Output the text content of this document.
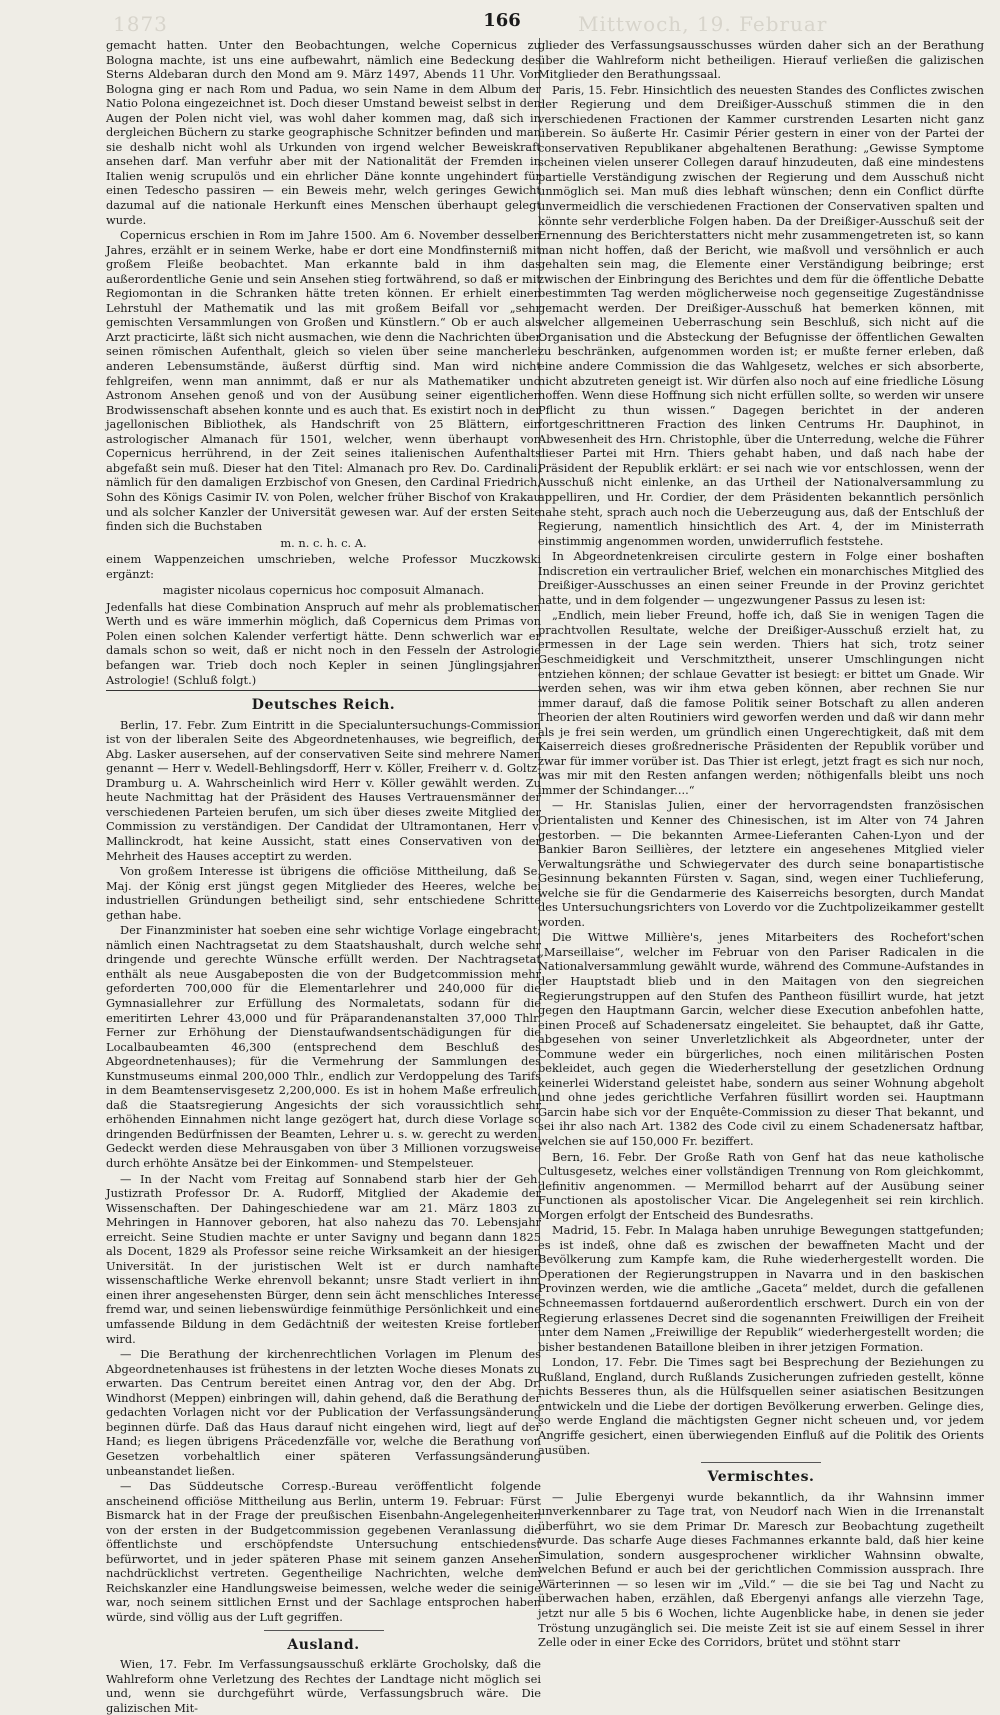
1873	166	Mittwoch, 19. Februar

gemacht hatten. Unter den Beobachtungen, welche Copernicus zu Bologna machte, ist uns eine aufbewahrt, nämlich eine Bedeckung des Sterns Aldebaran durch den Mond am 9. März 1497, Abends 11 Uhr. Von Bologna ging er nach Rom und Padua, wo sein Name in dem Album der Natio Polona eingezeichnet ist. Doch dieser Umstand beweist selbst in den Augen der Polen nicht viel, was wohl daher kommen mag, daß sich in dergleichen Büchern zu starke geographische Schnitzer befinden und man sie deshalb nicht wohl als Urkunden von irgend welcher Beweiskraft ansehen darf. Man verfuhr aber mit der Nationalität der Fremden in Italien wenig scrupulös und ein ehrlicher Däne konnte ungehindert für einen Tedescho passiren — ein Beweis mehr, welch geringes Gewicht dazumal auf die nationale Herkunft eines Menschen überhaupt gelegt wurde.

Copernicus erschien in Rom im Jahre 1500. Am 6. November desselben Jahres, erzählt er in seinem Werke, habe er dort eine Mondfinsterniß mit großem Fleiße beobachtet. Man erkannte bald in ihm das außerordentliche Genie und sein Ansehen stieg fortwährend, so daß er mit Regiomontan in die Schranken hätte treten können. Er erhielt einen Lehrstuhl der Mathematik und las mit großem Beifall vor „sehr gemischten Versammlungen von Großen und Künstlern.“ Ob er auch als Arzt practicirte, läßt sich nicht ausmachen, wie denn die Nachrichten über seinen römischen Aufenthalt, gleich so vielen über seine mancherlei anderen Lebensumstände, äußerst dürftig sind. Man wird nicht fehlgreifen, wenn man annimmt, daß er nur als Mathematiker und Astronom Ansehen genoß und von der Ausübung seiner eigentlichen Brodwissenschaft absehen konnte und es auch that. Es existirt noch in der jagellonischen Bibliothek, als Handschrift von 25 Blättern, ein astrologischer Almanach für 1501, welcher, wenn überhaupt von Copernicus herrührend, in der Zeit seines italienischen Aufenthalts abgefaßt sein muß. Dieser hat den Titel: Almanach pro Rev. Do. Cardinali, nämlich für den damaligen Erzbischof von Gnesen, den Cardinal Friedrich, Sohn des Königs Casimir IV. von Polen, welcher früher Bischof von Krakau und als solcher Kanzler der Universität gewesen war. Auf der ersten Seite finden sich die Buchstaben

m. n. c. h. c. A.

einem Wappenzeichen umschrieben, welche Professor Muczkowski ergänzt:

magister nicolaus copernicus hoc composuit Almanach.

Jedenfalls hat diese Combination Anspruch auf mehr als problematischen Werth und es wäre immerhin möglich, daß Copernicus dem Primas von Polen einen solchen Kalender verfertigt hätte. Denn schwerlich war er damals schon so weit, daß er nicht noch in den Fesseln der Astrologie befangen war. Trieb doch noch Kepler in seinen Jünglingsjahren Astrologie! (Schluß folgt.)

Deutsches Reich.

Berlin, 17. Febr. Zum Eintritt in die Specialuntersuchungs-Commission ist von der liberalen Seite des Abgeordnetenhauses, wie begreiflich, der Abg. Lasker ausersehen, auf der conservativen Seite sind mehrere Namen genannt — Herr v. Wedell-Behlingsdorff, Herr v. Köller, Freiherr v. d. Goltz-Dramburg u. A. Wahrscheinlich wird Herr v. Köller gewählt werden. Zu heute Nachmittag hat der Präsident des Hauses Vertrauensmänner der verschiedenen Parteien berufen, um sich über dieses zweite Mitglied der Commission zu verständigen. Der Candidat der Ultramontanen, Herr v. Mallinckrodt, hat keine Aussicht, statt eines Conservativen von der Mehrheit des Hauses acceptirt zu werden.

Von großem Interesse ist übrigens die officiöse Mittheilung, daß Se. Maj. der König erst jüngst gegen Mitglieder des Heeres, welche bei industriellen Gründungen betheiligt sind, sehr entschiedene Schritte gethan habe.

Der Finanzminister hat soeben eine sehr wichtige Vorlage eingebracht; nämlich einen Nachtragsetat zu dem Staatshaushalt, durch welche sehr dringende und gerechte Wünsche erfüllt werden. Der Nachtragsetat enthält als neue Ausgabeposten die von der Budgetcommission mehr geforderten 700,000 für die Elementarlehrer und 240,000 für die Gymnasiallehrer zur Erfüllung des Normaletats, sodann für die emeritirten Lehrer 43,000 und für Präparandenanstalten 37,000 Thlr. Ferner zur Erhöhung der Dienstaufwandsentschädigungen für die Localbaubeamten 46,300 (entsprechend dem Beschluß des Abgeordnetenhauses); für die Vermehrung der Sammlungen des Kunstmuseums einmal 200,000 Thlr., endlich zur Verdoppelung des Tarifs in dem Beamtenservisgesetz 2,200,000. Es ist in hohem Maße erfreulich, daß die Staatsregierung Angesichts der sich voraussichtlich sehr erhöhenden Einnahmen nicht lange gezögert hat, durch diese Vorlage so dringenden Bedürfnissen der Beamten, Lehrer u. s. w. gerecht zu werden. Gedeckt werden diese Mehrausgaben von über 3 Millionen vorzugsweise durch erhöhte Ansätze bei der Einkommen- und Stempelsteuer.

— In der Nacht vom Freitag auf Sonnabend starb hier der Geh. Justizrath Professor Dr. A. Rudorff, Mitglied der Akademie der Wissenschaften. Der Dahingeschiedene war am 21. März 1803 zu Mehringen in Hannover geboren, hat also nahezu das 70. Lebensjahr erreicht. Seine Studien machte er unter Savigny und begann dann 1825 als Docent, 1829 als Professor seine reiche Wirksamkeit an der hiesigen Universität. In der juristischen Welt ist er durch namhafte wissenschaftliche Werke ehrenvoll bekannt; unsre Stadt verliert in ihm einen ihrer angesehensten Bürger, denn sein ächt menschliches Interesse fremd war, und seinen liebenswürdige feinmüthige Persönlichkeit und eine umfassende Bildung in dem Gedächtniß der weitesten Kreise fortleben wird.

— Die Berathung der kirchenrechtlichen Vorlagen im Plenum des Abgeordnetenhauses ist frühestens in der letzten Woche dieses Monats zu erwarten. Das Centrum bereitet einen Antrag vor, den der Abg. Dr. Windhorst (Meppen) einbringen will, dahin gehend, daß die Berathung der gedachten Vorlagen nicht vor der Publication der Verfassungsänderung beginnen dürfe. Daß das Haus darauf nicht eingehen wird, liegt auf der Hand; es liegen übrigens Präcedenzfälle vor, welche die Berathung von Gesetzen vorbehaltlich einer späteren Verfassungsänderung unbeanstandet ließen.

— Das Süddeutsche Corresp.-Bureau veröffentlicht folgende anscheinend officiöse Mittheilung aus Berlin, unterm 19. Februar: Fürst Bismarck hat in der Frage der preußischen Eisenbahn-Angelegenheiten von der ersten in der Budgetcommission gegebenen Veranlassung die öffentlichste und erschöpfendste Untersuchung entschiedenst befürwortet, und in jeder späteren Phase mit seinem ganzen Ansehen nachdrücklichst vertreten. Gegentheilige Nachrichten, welche dem Reichskanzler eine Handlungsweise beimessen, welche weder die seinige war, noch seinem sittlichen Ernst und der Sachlage entsprochen haben würde, sind völlig aus der Luft gegriffen.

Ausland.

Wien, 17. Febr. Im Verfassungsausschuß erklärte Grocholsky, daß die Wahlreform ohne Verletzung des Rechtes der Landtage nicht möglich sei und, wenn sie durchgeführt würde, Verfassungsbruch wäre. Die galizischen Mit-

glieder des Verfassungsausschusses würden daher sich an der Berathung über die Wahlreform nicht betheiligen. Hierauf verließen die galizischen Mitglieder den Berathungssaal.

Paris, 15. Febr. Hinsichtlich des neuesten Standes des Conflictes zwischen der Regierung und dem Dreißiger-Ausschuß stimmen die in den verschiedenen Fractionen der Kammer curstrenden Lesarten nicht ganz überein. So äußerte Hr. Casimir Périer gestern in einer von der Partei der conservativen Republikaner abgehaltenen Berathung: „Gewisse Symptome scheinen vielen unserer Collegen darauf hinzudeuten, daß eine mindestens partielle Verständigung zwischen der Regierung und dem Ausschuß nicht unmöglich sei. Man muß dies lebhaft wünschen; denn ein Conflict dürfte unvermeidlich die verschiedenen Fractionen der Conservativen spalten und könnte sehr verderbliche Folgen haben. Da der Dreißiger-Ausschuß seit der Ernennung des Berichterstatters nicht mehr zusammengetreten ist, so kann man nicht hoffen, daß der Bericht, wie maßvoll und versöhnlich er auch gehalten sein mag, die Elemente einer Verständigung beibringe; erst zwischen der Einbringung des Berichtes und dem für die öffentliche Debatte bestimmten Tag werden möglicherweise noch gegenseitige Zugeständnisse gemacht werden. Der Dreißiger-Ausschuß hat bemerken können, mit welcher allgemeinen Ueberraschung sein Beschluß, sich nicht auf die Organisation und die Absteckung der Befugnisse der öffentlichen Gewalten zu beschränken, aufgenommen worden ist; er mußte ferner erleben, daß eine andere Commission die das Wahlgesetz, welches er sich absorberte, nicht abzutreten geneigt ist. Wir dürfen also noch auf eine friedliche Lösung hoffen. Wenn diese Hoffnung sich nicht erfüllen sollte, so werden wir unsere Pflicht zu thun wissen.“ Dagegen berichtet in der anderen fortgeschrittneren Fraction des linken Centrums Hr. Dauphinot, in Abwesenheit des Hrn. Christophle, über die Unterredung, welche die Führer dieser Partei mit Hrn. Thiers gehabt haben, und daß nach habe der Präsident der Republik erklärt: er sei nach wie vor entschlossen, wenn der Ausschuß nicht einlenke, an das Urtheil der Nationalversammlung zu appelliren, und Hr. Cordier, der dem Präsidenten bekanntlich persönlich nahe steht, sprach auch noch die Ueberzeugung aus, daß der Entschluß der Regierung, namentlich hinsichtlich des Art. 4, der im Ministerrath einstimmig angenommen worden, unwiderruflich feststehe.

In Abgeordnetenkreisen circulirte gestern in Folge einer boshaften Indiscretion ein vertraulicher Brief, welchen ein monarchisches Mitglied des Dreißiger-Ausschusses an einen seiner Freunde in der Provinz gerichtet hatte, und in dem folgender — ungezwungener Passus zu lesen ist:

„Endlich, mein lieber Freund, hoffe ich, daß Sie in wenigen Tagen die prachtvollen Resultate, welche der Dreißiger-Ausschuß erzielt hat, zu ermessen in der Lage sein werden. Thiers hat sich, trotz seiner Geschmeidigkeit und Verschmitztheit, unserer Umschlingungen nicht entziehen können; der schlaue Gevatter ist besiegt: er bittet um Gnade. Wir werden sehen, was wir ihm etwa geben können, aber rechnen Sie nur immer darauf, daß die famose Politik seiner Botschaft zu allen anderen Theorien der alten Routiniers wird geworfen werden und daß wir dann mehr als je frei sein werden, um gründlich einen Ungerechtigkeit, daß mit dem Kaiserreich dieses großrednerische Präsidenten der Republik vorüber und zwar für immer vorüber ist. Das Thier ist erlegt, jetzt fragt es sich nur noch, was mir mit den Resten anfangen werden; nöthigenfalls bleibt uns noch immer der Schindanger....“

— Hr. Stanislas Julien, einer der hervorragendsten französischen Orientalisten und Kenner des Chinesischen, ist im Alter von 74 Jahren gestorben. — Die bekannten Armee-Lieferanten Cahen-Lyon und der Bankier Baron Seillières, der letztere ein angesehenes Mitglied vieler Verwaltungsräthe und Schwiegervater des durch seine bonapartistische Gesinnung bekannten Fürsten v. Sagan, sind, wegen einer Tuchlieferung, welche sie für die Gendarmerie des Kaiserreichs besorgten, durch Mandat des Untersuchungsrichters von Loverdo vor die Zuchtpolizeikammer gestellt worden.

Die Wittwe Millière's, jenes Mitarbeiters des Rochefort'schen „Marseillaise“, welcher im Februar von den Pariser Radicalen in die Nationalversammlung gewählt wurde, während des Commune-Aufstandes in der Hauptstadt blieb und in den Maitagen von den siegreichen Regierungstruppen auf den Stufen des Pantheon füsillirt wurde, hat jetzt gegen den Hauptmann Garcin, welcher diese Execution anbefohlen hatte, einen Proceß auf Schadenersatz eingeleitet. Sie behauptet, daß ihr Gatte, abgesehen von seiner Unverletzlichkeit als Abgeordneter, unter der Commune weder ein bürgerliches, noch einen militärischen Posten bekleidet, auch gegen die Wiederherstellung der gesetzlichen Ordnung keinerlei Widerstand geleistet habe, sondern aus seiner Wohnung abgeholt und ohne jedes gerichtliche Verfahren füsillirt worden sei. Hauptmann Garcin habe sich vor der Enquête-Commission zu dieser That bekannt, und sei ihr also nach Art. 1382 des Code civil zu einem Schadenersatz haftbar, welchen sie auf 150,000 Fr. beziffert.

Bern, 16. Febr. Der Große Rath von Genf hat das neue katholische Cultusgesetz, welches einer vollständigen Trennung von Rom gleichkommt, definitiv angenommen. — Mermillod beharrt auf der Ausübung seiner Functionen als apostolischer Vicar. Die Angelegenheit sei rein kirchlich. Morgen erfolgt der Entscheid des Bundesraths.

Madrid, 15. Febr. In Malaga haben unruhige Bewegungen stattgefunden; es ist indeß, ohne daß es zwischen der bewaffneten Macht und der Bevölkerung zum Kampfe kam, die Ruhe wiederhergestellt worden. Die Operationen der Regierungstruppen in Navarra und in den baskischen Provinzen werden, wie die amtliche „Gaceta“ meldet, durch die gefallenen Schneemassen fortdauernd außerordentlich erschwert. Durch ein von der Regierung erlassenes Decret sind die sogenannten Freiwilligen der Freiheit unter dem Namen „Freiwillige der Republik“ wiederhergestellt worden; die bisher bestandenen Bataillone bleiben in ihrer jetzigen Formation.

London, 17. Febr. Die Times sagt bei Besprechung der Beziehungen zu Rußland, England, durch Rußlands Zusicherungen zufrieden gestellt, könne nichts Besseres thun, als die Hülfsquellen seiner asiatischen Besitzungen entwickeln und die Liebe der dortigen Bevölkerung erwerben. Gelinge dies, so werde England die mächtigsten Gegner nicht scheuen und, vor jedem Angriffe gesichert, einen überwiegenden Einfluß auf die Politik des Orients ausüben.

Vermischtes.

— Julie Ebergenyi wurde bekanntlich, da ihr Wahnsinn immer unverkennbarer zu Tage trat, von Neudorf nach Wien in die Irrenanstalt überführt, wo sie dem Primar Dr. Maresch zur Beobachtung zugetheilt wurde. Das scharfe Auge dieses Fachmannes erkannte bald, daß hier keine Simulation, sondern ausgesprochener wirklicher Wahnsinn obwalte, welchen Befund er auch bei der gerichtlichen Commission aussprach. Ihre Wärterinnen — so lesen wir im „Vild.“ — die sie bei Tag und Nacht zu überwachen haben, erzählen, daß Ebergenyi anfangs alle vierzehn Tage, jetzt nur alle 5 bis 6 Wochen, lichte Augenblicke habe, in denen sie jeder Tröstung unzugänglich sei. Die meiste Zeit ist sie auf einem Sessel in ihrer Zelle oder in einer Ecke des Corridors, brütet und stöhnt starr
